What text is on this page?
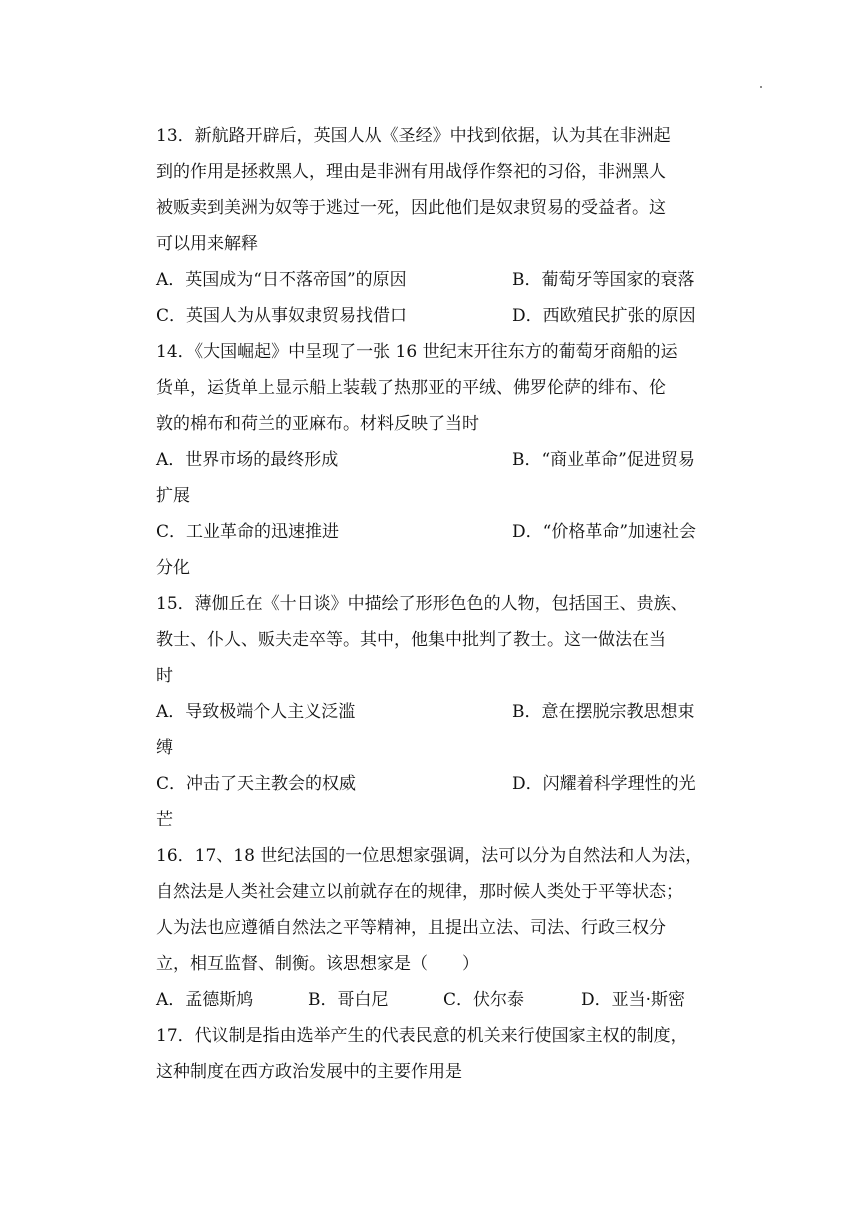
13．新航路开辟后，英国人从《圣经》中找到依据，认为其在非洲起
到的作用是拯救黑人，理由是非洲有用战俘作祭祀的习俗，非洲黑人
被贩卖到美洲为奴等于逃过一死，因此他们是奴隶贸易的受益者。这
可以用来解释
A．英国成为“日不落帝国”的原因	B．葡萄牙等国家的衰落
C．英国人为从事奴隶贸易找借口	D．西欧殖民扩张的原因
14．《大国崛起》中呈现了一张 16 世纪末开往东方的葡萄牙商船的运
货单，运货单上显示船上装载了热那亚的平绒、佛罗伦萨的绯布、伦
敦的棉布和荷兰的亚麻布。材料反映了当时
A．世界市场的最终形成	B．“商业革命”促进贸易
扩展
C．工业革命的迅速推进	D．“价格革命”加速社会
分化
15．薄伽丘在《十日谈》中描绘了形形色色的人物，包括国王、贵族、
教士、仆人、贩夫走卒等。其中，他集中批判了教士。这一做法在当
时
A．导致极端个人主义泛滥	B．意在摆脱宗教思想束
缚
C．冲击了天主教会的权威	D．闪耀着科学理性的光
芒
16．17、18 世纪法国的一位思想家强调，法可以分为自然法和人为法，
自然法是人类社会建立以前就存在的规律，那时候人类处于平等状态；
人为法也应遵循自然法之平等精神，且提出立法、司法、行政三权分
立，相互监督、制衡。该思想家是（　　）
A．孟德斯鸠	B．哥白尼	C．伏尔泰	D．亚当·斯密
17．代议制是指由选举产生的代表民意的机关来行使国家主权的制度，
这种制度在西方政治发展中的主要作用是
